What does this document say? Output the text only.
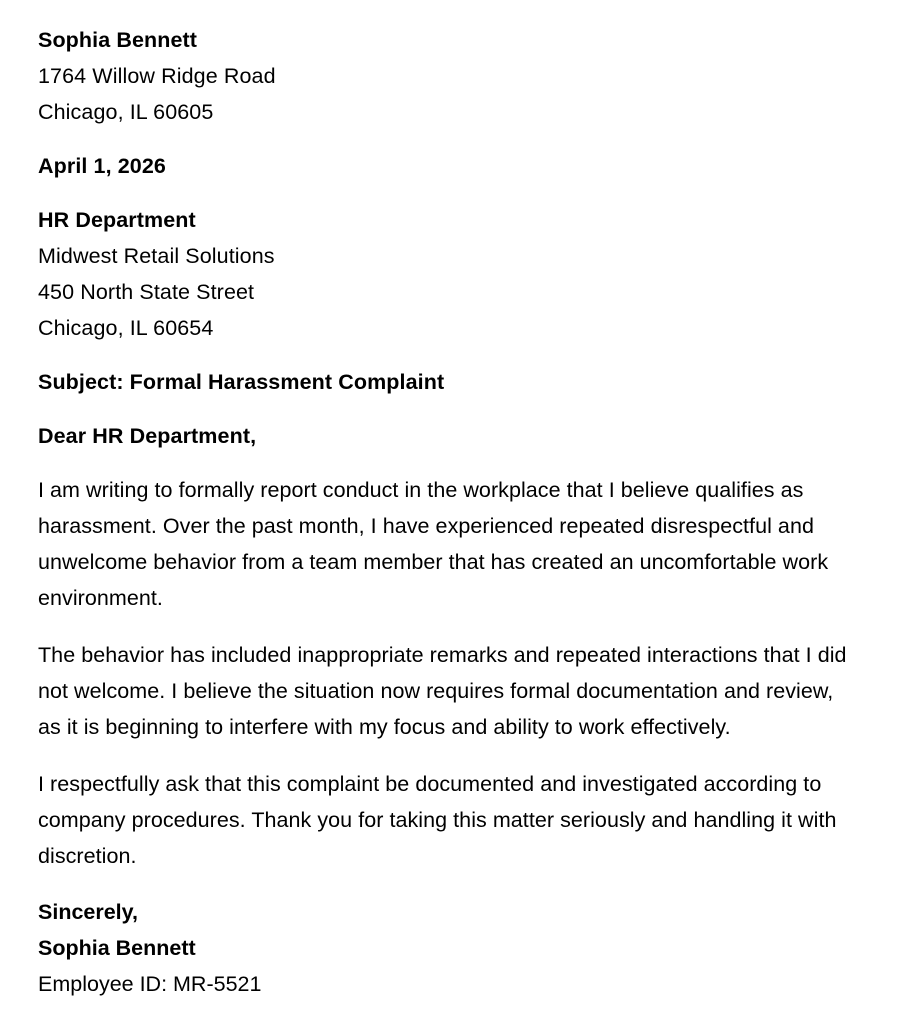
Sophia Bennett
1764 Willow Ridge Road
Chicago, IL 60605
April 1, 2026
HR Department
Midwest Retail Solutions
450 North State Street
Chicago, IL 60654
Subject: Formal Harassment Complaint
Dear HR Department,

I am writing to formally report conduct in the workplace that I believe qualifies as harassment. Over the past month, I have experienced repeated disrespectful and unwelcome behavior from a team member that has created an uncomfortable work environment.

The behavior has included inappropriate remarks and repeated interactions that I did not welcome. I believe the situation now requires formal documentation and review, as it is beginning to interfere with my focus and ability to work effectively.

I respectfully ask that this complaint be documented and investigated according to company procedures. Thank you for taking this matter seriously and handling it with discretion.

Sincerely,
Sophia Bennett
Employee ID: MR-5521
